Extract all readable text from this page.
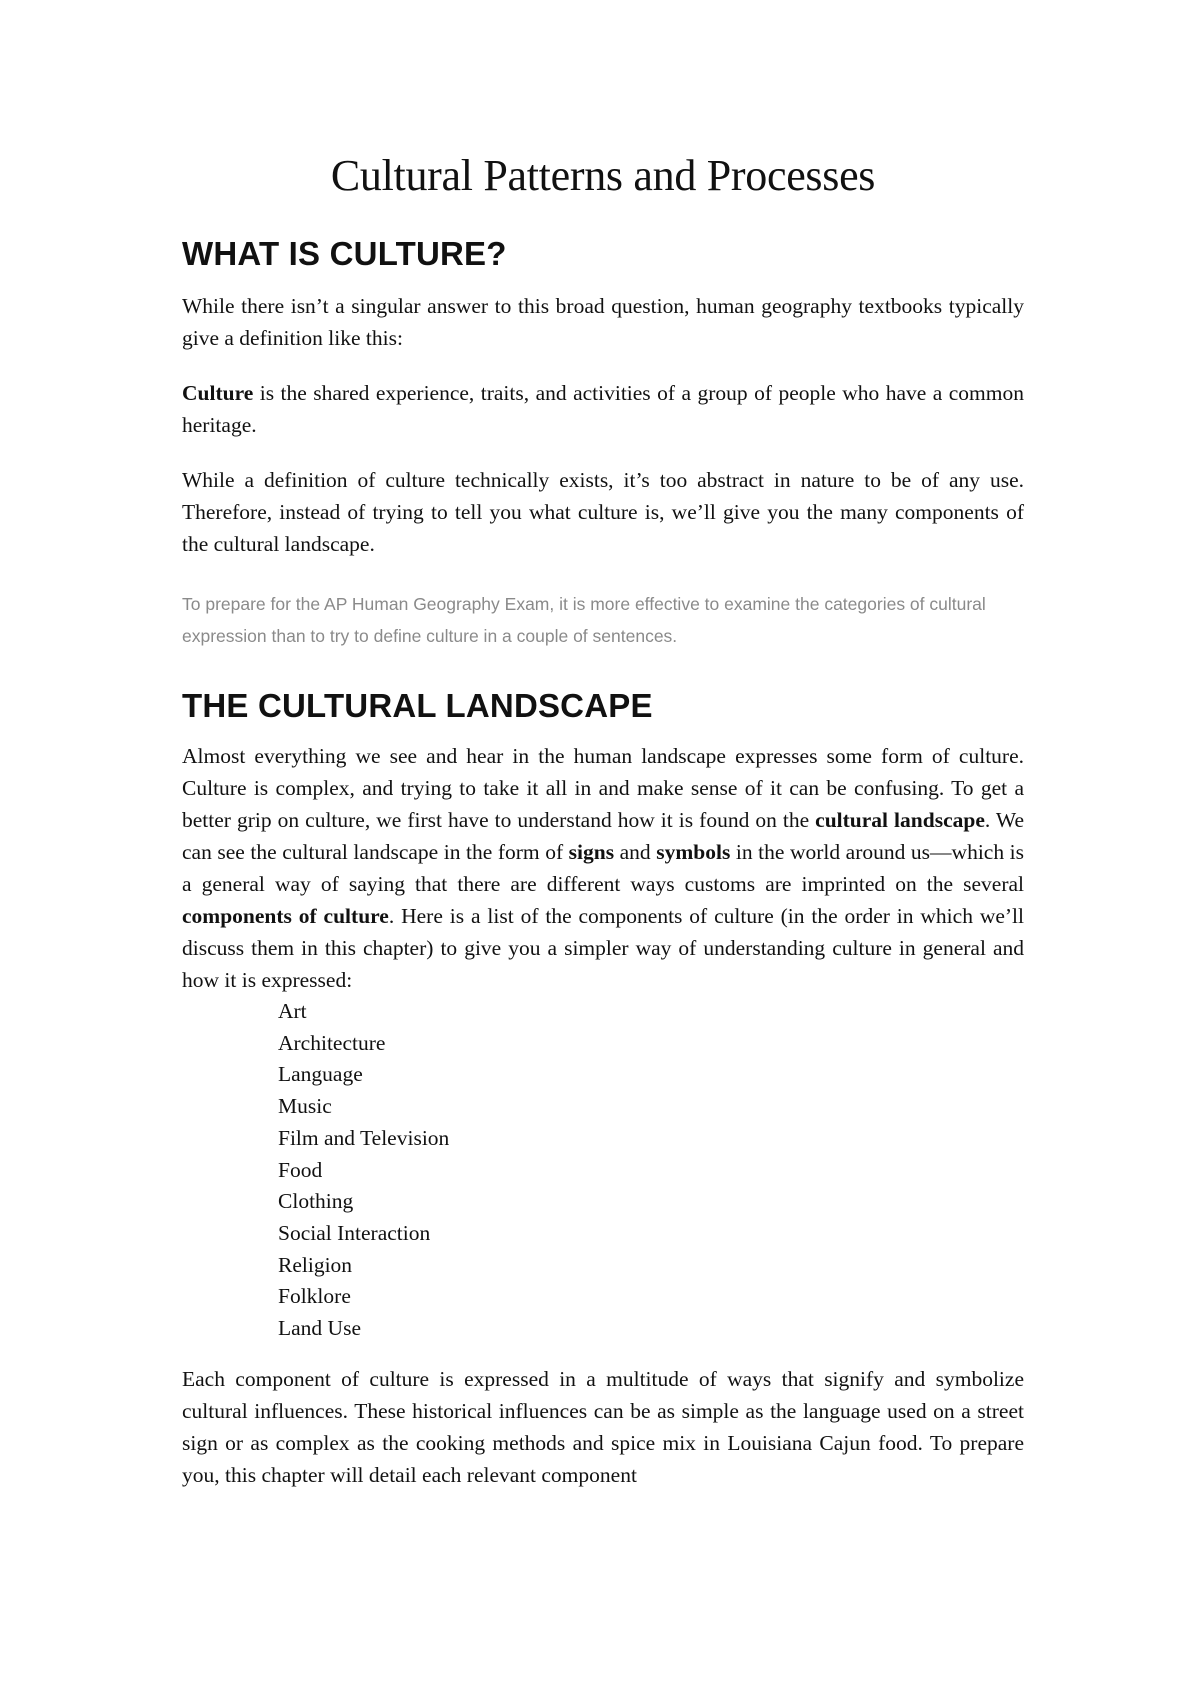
Cultural Patterns and Processes
WHAT IS CULTURE?

While there isn’t a singular answer to this broad question, human geography textbooks typically give a definition like this:

Culture is the shared experience, traits, and activities of a group of people who have a common heritage.

While a definition of culture technically exists, it’s too abstract in nature to be of any use. Therefore, instead of trying to tell you what culture is, we’ll give you the many components of the cultural landscape.

To prepare for the AP Human Geography Exam, it is more effective to examine the categories of cultural expression than to try to define culture in a couple of sentences.

THE CULTURAL LANDSCAPE

Almost everything we see and hear in the human landscape expresses some form of culture. Culture is complex, and trying to take it all in and make sense of it can be confusing. To get a better grip on culture, we first have to understand how it is found on the cultural landscape. We can see the cultural landscape in the form of signs and symbols in the world around us—which is a general way of saying that there are different ways customs are imprinted on the several components of culture. Here is a list of the components of culture (in the order in which we’ll discuss them in this chapter) to give you a simpler way of understanding culture in general and how it is expressed:

Art
Architecture
Language
Music
Film and Television
Food
Clothing
Social Interaction
Religion
Folklore
Land Use

Each component of culture is expressed in a multitude of ways that signify and symbolize cultural influences. These historical influences can be as simple as the language used on a street sign or as complex as the cooking methods and spice mix in Louisiana Cajun food. To prepare you, this chapter will detail each relevant component
